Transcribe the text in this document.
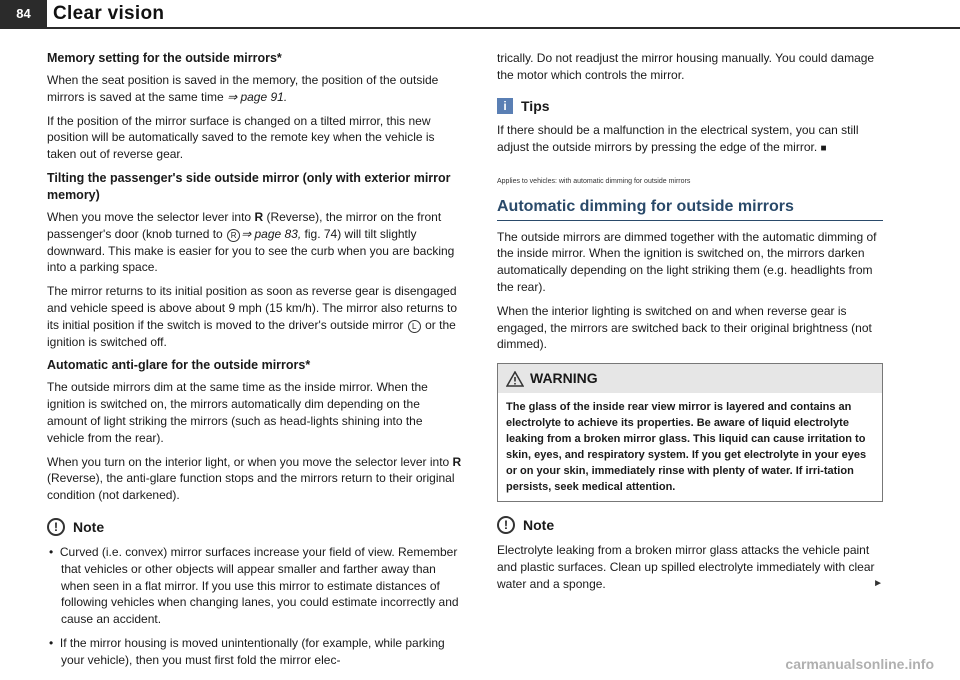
84	Clear vision
Memory setting for the outside mirrors*

When the seat position is saved in the memory, the position of the outside mirrors is saved at the same time ⇒ page 91.

If the position of the mirror surface is changed on a tilted mirror, this new position will be automatically saved to the remote key when the vehicle is taken out of reverse gear.

Tilting the passenger's side outside mirror (only with exterior mirror memory)

When you move the selector lever into R (Reverse), the mirror on the front passenger's door (knob turned to R ⇒ page 83, fig. 74) will tilt slightly downward. This make is easier for you to see the curb when you are backing into a parking space.

The mirror returns to its initial position as soon as reverse gear is disengaged and vehicle speed is above about 9 mph (15 km/h). The mirror also returns to its initial position if the switch is moved to the driver's outside mirror L or the ignition is switched off.

Automatic anti-glare for the outside mirrors*

The outside mirrors dim at the same time as the inside mirror. When the ignition is switched on, the mirrors automatically dim depending on the amount of light striking the mirrors (such as head-lights shining into the vehicle from the rear).

When you turn on the interior light, or when you move the selector lever into R (Reverse), the anti-glare function stops and the mirrors return to their original condition (not darkened).

!	Note

•  Curved (i.e. convex) mirror surfaces increase your field of view. Remember that vehicles or other objects will appear smaller and farther away than when seen in a flat mirror. If you use this mirror to estimate distances of following vehicles when changing lanes, you could estimate incorrectly and cause an accident.

•  If the mirror housing is moved unintentionally (for example, while parking your vehicle), then you must first fold the mirror elec-

trically. Do not readjust the mirror housing manually. You could damage the motor which controls the mirror.

i	Tips

If there should be a malfunction in the electrical system, you can still adjust the outside mirrors by pressing the edge of the mirror. ■

Applies to vehicles: with automatic dimming for outside mirrors
Automatic dimming for outside mirrors

The outside mirrors are dimmed together with the automatic dimming of the inside mirror. When the ignition is switched on, the mirrors darken automatically depending on the light striking them (e.g. headlights from the rear).

When the interior lighting is switched on and when reverse gear is engaged, the mirrors are switched back to their original brightness (not dimmed).

WARNING
The glass of the inside rear view mirror is layered and contains an electrolyte to achieve its properties. Be aware of liquid electrolyte leaking from a broken mirror glass. This liquid can cause irritation to skin, eyes, and respiratory system. If you get electrolyte in your eyes or on your skin, immediately rinse with plenty of water. If irri-tation persists, seek medical attention.
!	Note

Electrolyte leaking from a broken mirror glass attacks the vehicle paint and plastic surfaces. Clean up spilled electrolyte immediately with clear water and a sponge.	►

carmanualsonline.info
